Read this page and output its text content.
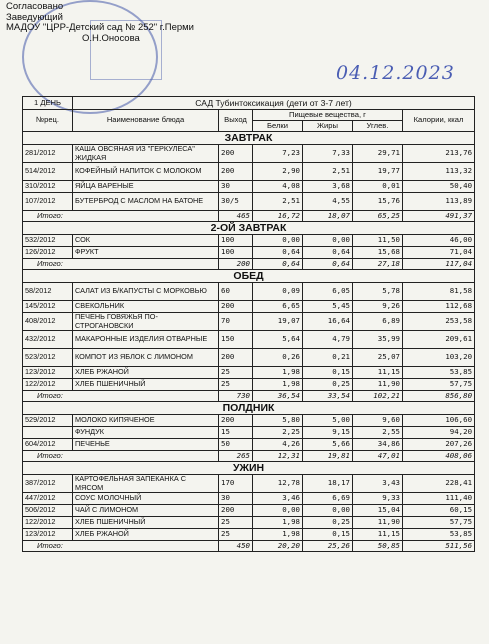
Согласовано
Заведующий
МАДОУ "ЦРР-Детский сад № 252" г.Перми
О.Н.Оносова
04.12.2023
1 ДЕНЬ	САД Тубинтоксикация (дети от 3-7 лет)					
№рец.	Наименование блюда	Выход	Пищевые вещества, г			Калории, ккал
			Белки	Жиры	Углев.	
ЗАВТРАК						
281/2012	КАША ОВСЯНАЯ ИЗ "ГЕРКУЛЕСА" ЖИДКАЯ	200	7,23	7,33	29,71	213,76
514/2012	КОФЕЙНЫЙ НАПИТОК С МОЛОКОМ	200	2,90	2,51	19,77	113,32
310/2012	ЯЙЦА ВАРЕНЫЕ	30	4,08	3,68	0,01	50,40
107/2012	БУТЕРБРОД С МАСЛОМ НА БАТОНЕ	30/5	2,51	4,55	15,76	113,89
Итого:		465	16,72	18,07	65,25	491,37
2-ОЙ ЗАВТРАК						
532/2012	СОК	100	0,00	0,00	11,50	46,00
126/2012	ФРУКТ	100	0,64	0,64	15,68	71,04
Итого:		200	0,64	0,64	27,18	117,04
ОБЕД						
58/2012	САЛАТ ИЗ Б/КАПУСТЫ С МОРКОВЬЮ	60	0,09	6,05	5,78	81,58
145/2012	СВЕКОЛЬНИК	200	6,65	5,45	9,26	112,68
408/2012	ПЕЧЕНЬ ГОВЯЖЬЯ ПО-СТРОГАНОВСКИ	70	19,07	16,64	6,89	253,58
432/2012	МАКАРОННЫЕ ИЗДЕЛИЯ ОТВАРНЫЕ	150	5,64	4,79	35,99	209,61
523/2012	КОМПОТ ИЗ ЯБЛОК С ЛИМОНОМ	200	0,26	0,21	25,07	103,20
123/2012	ХЛЕБ РЖАНОЙ	25	1,98	0,15	11,15	53,85
122/2012	ХЛЕБ ПШЕНИЧНЫЙ	25	1,98	0,25	11,90	57,75
Итого:		730	36,54	33,54	102,21	856,80
ПОЛДНИК						
529/2012	МОЛОКО КИПЯЧЕНОЕ	200	5,80	5,00	9,60	106,60
	ФУНДУК	15	2,25	9,15	2,55	94,20
604/2012	ПЕЧЕНЬЕ	50	4,26	5,66	34,86	207,26
Итого:		265	12,31	19,81	47,01	408,06
УЖИН						
387/2012	КАРТОФЕЛЬНАЯ ЗАПЕКАНКА С МЯСОМ	170	12,78	18,17	3,43	228,41
447/2012	СОУС МОЛОЧНЫЙ	30	3,46	6,69	9,33	111,40
506/2012	ЧАЙ С ЛИМОНОМ	200	0,00	0,00	15,04	60,15
122/2012	ХЛЕБ ПШЕНИЧНЫЙ	25	1,98	0,25	11,90	57,75
123/2012	ХЛЕБ РЖАНОЙ	25	1,98	0,15	11,15	53,85
Итого:		450	20,20	25,26	50,85	511,56
